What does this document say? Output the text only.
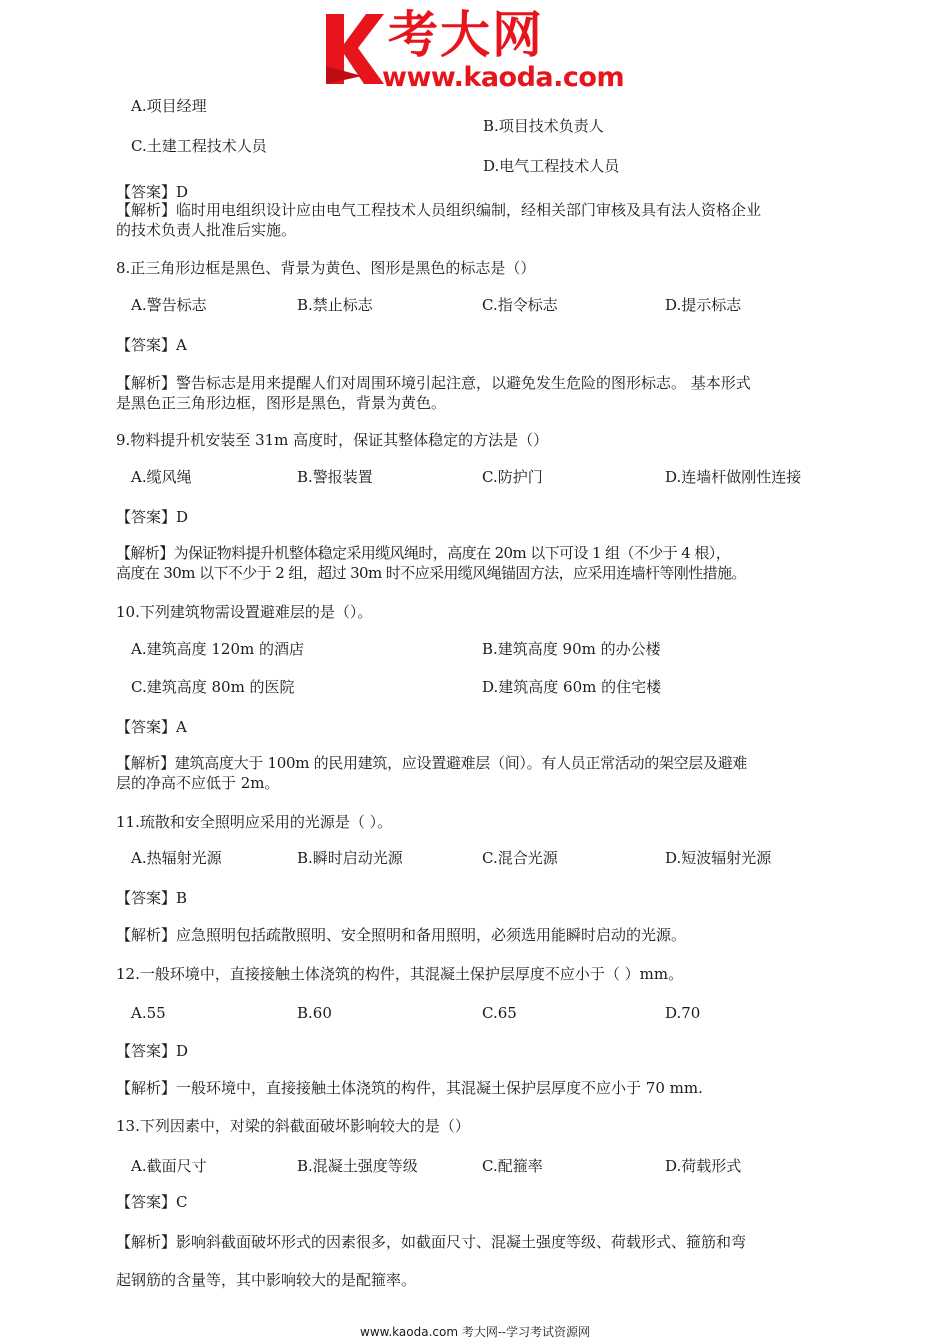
考大网
www.kaoda.com
A.项目经理
B.项目技术负责人
C.土建工程技术人员
D.电气工程技术人员
【答案】D
【解析】临时用电组织设计应由电气工程技术人员组织编制，经相关部门审核及具有法人资格企业
的技术负责人批准后实施。
8.正三角形边框是黑色、背景为黄色、图形是黑色的标志是（）
A.警告标志	B.禁止标志	C.指令标志	D.提示标志
【答案】A
【解析】警告标志是用来提醒人们对周围环境引起注意，以避免发生危险的图形标志。 基本形式
是黑色正三角形边框，图形是黑色，背景为黄色。
9.物料提升机安装至 31m 高度时，保证其整体稳定的方法是（）
A.缆风绳	B.警报装置	C.防护门	D.连墙杆做刚性连接
【答案】D
【解析】为保证物料提升机整体稳定采用缆风绳时，高度在 20m 以下可设 1 组（不少于 4 根），
高度在 30m 以下不少于 2 组，超过 30m 时不应采用缆风绳锚固方法，应采用连墙杆等刚性措施。
10.下列建筑物需设置避难层的是（）。
A.建筑高度 120m 的酒店	B.建筑高度 90m 的办公楼
C.建筑高度 80m 的医院	D.建筑高度 60m 的住宅楼
【答案】A
【解析】建筑高度大于 100m 的民用建筑，应设置避难层（间）。有人员正常活动的架空层及避难
层的净高不应低于 2m。
11.琉散和安全照明应采用的光源是（ ）。
A.热辐射光源	B.瞬时启动光源	C.混合光源	D.短波辐射光源
【答案】B
【解析】应急照明包括疏散照明、安全照明和备用照明，必须选用能瞬时启动的光源。
12.一般环境中，直接接触土体浇筑的构件，其混凝土保护层厚度不应小于（ ）mm。
A.55	B.60	C.65	D.70
【答案】D
【解析】一般环境中，直接接触土体浇筑的构件，其混凝土保护层厚度不应小于 70 mm.
13.下列因素中，对梁的斜截面破坏影响较大的是（）
A.截面尺寸	B.混凝土强度等级	C.配箍率	D.荷载形式
【答案】C
【解析】影响斜截面破坏形式的因素很多，如截面尺寸、混凝土强度等级、荷载形式、箍筋和弯
起钢筋的含量等，其中影响较大的是配箍率。
www.kaoda.com 考大网--学习考试资源网
